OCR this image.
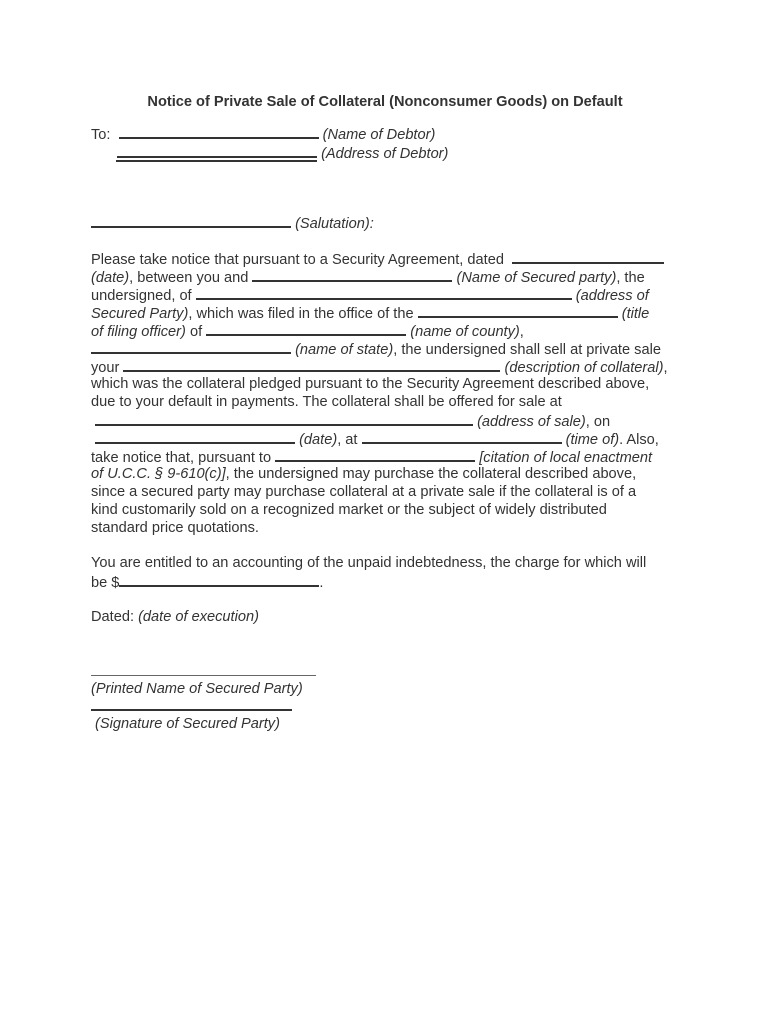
Notice of Private Sale of Collateral (Nonconsumer Goods) on Default
To:	(Name of Debtor)
(Address of Debtor)
(Salutation):
Please take notice that pursuant to a Security Agreement, dated
(date), between you and	(Name of Secured party), the
undersigned, of	(address of
Secured Party), which was filed in the office of the	(title
of filing officer) of	(name of county),
(name of state), the undersigned shall sell at private sale
your	(description of collateral),
which was the collateral pledged pursuant to the Security Agreement described above,
due to your default in payments. The collateral shall be offered for sale at
(address of sale), on
(date), at	(time of). Also,
take notice that, pursuant to	[citation of local enactment
of U.C.C. § 9-610(c)], the undersigned may purchase the collateral described above,
since a secured party may purchase collateral at a private sale if the collateral is of a
kind customarily sold on a recognized market or the subject of widely distributed
standard price quotations.
You are entitled to an accounting of the unpaid indebtedness, the charge for which will
be $	.
Dated: (date of execution)
(Printed Name of Secured Party)
(Signature of Secured Party)
